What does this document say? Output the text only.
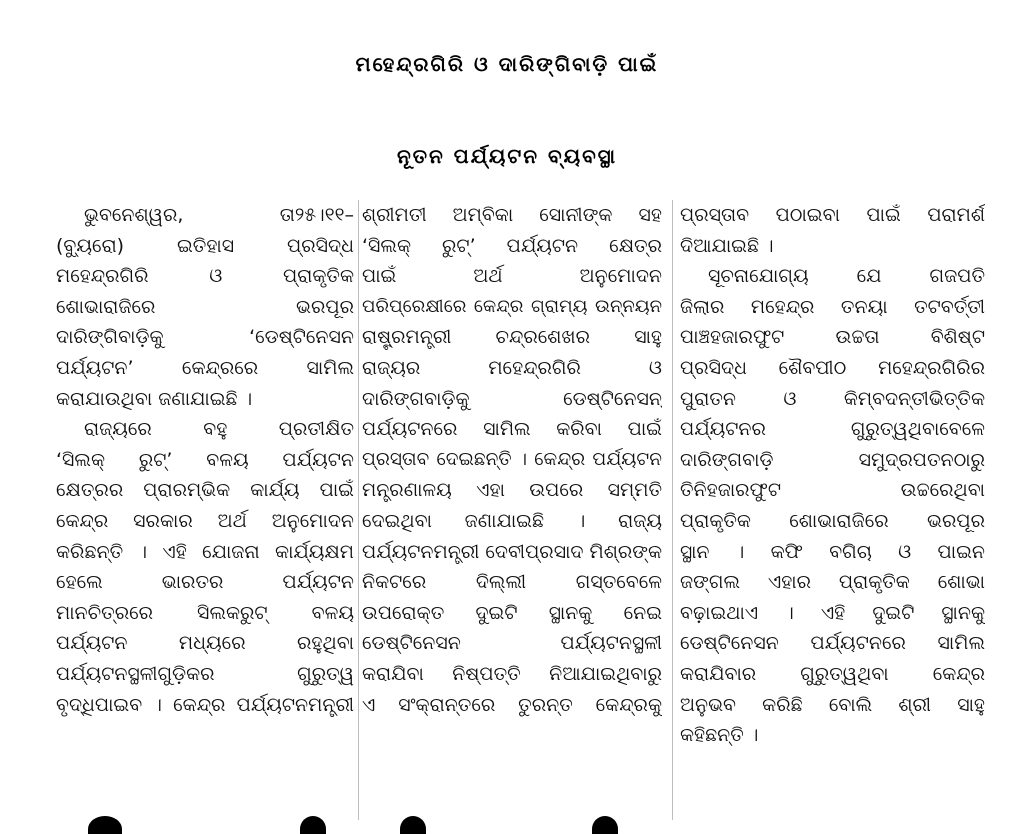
ମହେନ୍ଦ୍ରଗିରି ଓ ଦାରିଙ୍ଗିବାଡ଼ି ପାଇଁ
ନୂତନ ପର୍ଯ୍ୟଟନ ବ୍ୟବସ୍ଥା
ଭୁବନେଶ୍ୱର, ତା୨୫।୧୧–
(ବ୍ୟୁରୋ) ଇତିହାସ ପ୍ରସିଦ୍ଧ
ମହେନ୍ଦ୍ରଗିରି ଓ ପ୍ରାକୃତିକ
ଶୋଭାରାଜିରେ ଭରପୂର
ଦାରିଙ୍ଗିବାଡ଼ିକୁ ‘ଡେଷ୍ଟିନେସନ
ପର୍ଯ୍ୟଟନ’ କେନ୍ଦ୍ରରେ ସାମିଲ
କରାଯାଉଥିବା ଜଣାଯାଇଛି ।
ରାଜ୍ୟରେ ବହୁ ପ୍ରତୀକ୍ଷିତ
‘ସିଲକ୍ ରୁଟ୍’ ବଳୟ ପର୍ଯ୍ୟଟନ
କ୍ଷେତ୍ରର ପ୍ରାରମ୍ଭିକ କାର୍ଯ୍ୟ ପାଇଁ
କେନ୍ଦ୍ର ସରକାର ଅର୍ଥ ଅନୁମୋଦନ
କରିଛନ୍ତି । ଏହି ଯୋଜନା କାର୍ଯ୍ୟକ୍ଷମ
ହେଲେ ଭାରତର ପର୍ଯ୍ୟଟନ
ମାନଚିତ୍ରରେ ସିଲକରୁଟ୍ ବଳୟ
ପର୍ଯ୍ୟଟନ ମଧ୍ୟରେ ରହୁଥିବା
ପର୍ଯ୍ୟଟନସ୍ଥଳୀଗୁଡ଼ିକର ଗୁରୁତ୍ୱ
ବୃଦ୍ଧିପାଇବ । କେନ୍ଦ୍ର ପର୍ଯ୍ୟଟନମନ୍ତ୍ରୀ
ଶ୍ରୀମତୀ ଅମ୍ବିକା ସୋନୀଙ୍କ ସହ
‘ସିଲକ୍ ରୁଟ୍’ ପର୍ଯ୍ୟଟନ କ୍ଷେତ୍ର
ପାଇଁ ଅର୍ଥ ଅନୁମୋଦନ
ପରିପ୍ରେକ୍ଷୀରେ କେନ୍ଦ୍ର ଗ୍ରାମ୍ୟ ଉନ୍ନୟନ
ରାଷ୍ଟ୍ରମନ୍ତ୍ରୀ ଚନ୍ଦ୍ରଶେଖର ସାହୁ
ରାଜ୍ୟର ମହେନ୍ଦ୍ରଗିରି ଓ
ଦାରିଙ୍ଗବାଡ଼ିକୁ ଡେଷ୍ଟିନେସନ୍
ପର୍ଯ୍ୟଟନରେ ସାମିଲ କରିବା ପାଇଁ
ପ୍ରସ୍ତାବ ଦେଇଛନ୍ତି । କେନ୍ଦ୍ର ପର୍ଯ୍ୟଟନ
ମନ୍ତ୍ରଣାଳୟ ଏହା ଉପରେ ସମ୍ମତି
ଦେଇଥିବା ଜଣାଯାଇଛି । ରାଜ୍ୟ
ପର୍ଯ୍ୟଟନମନ୍ତ୍ରୀ ଦେବୀପ୍ରସାଦ ମିଶ୍ରଙ୍କ
ନିକଟରେ ଦିଲ୍ଲୀ ଗସ୍ତବେଳେ
ଉପରୋକ୍ତ ଦୁଇଟି ସ୍ଥାନକୁ ନେଇ
ଡେଷ୍ଟିନେସନ ପର୍ଯ୍ୟଟନସ୍ଥଳୀ
କରାଯିବା ନିଷ୍ପତ୍ତି ନିଆଯାଇଥିବାରୁ
ଏ ସଂକ୍ରାନ୍ତରେ ତୁରନ୍ତ କେନ୍ଦ୍ରକୁ
ପ୍ରସ୍ତାବ ପଠାଇବା ପାଇଁ ପରାମର୍ଶ
ଦିଆଯାଇଛି ।
ସୂଚନାଯୋଗ୍ୟ ଯେ ଗଜପତି
ଜିଲାର ମହେନ୍ଦ୍ର ତନୟା ତଟବର୍ତ୍ତୀ
ପାଞ୍ଚହଜାରଫୁଟ ଉଚ୍ଚତା ବିଶିଷ୍ଟ
ପ୍ରସିଦ୍ଧ ଶୈବପୀଠ ମହେନ୍ଦ୍ରଗିରିର
ପୁରାତନ ଓ କିମ୍ବଦନ୍ତୀଭିତ୍ତିକ
ପର୍ଯ୍ୟଟନର ଗୁରୁତ୍ୱଥିବାବେଳେ
ଦାରିଙ୍ଗବାଡ଼ି ସମୁଦ୍ରପତନଠାରୁ
ତିନିହଜାରଫୁଟ ଉଚ୍ଚରେଥିବା
ପ୍ରାକୃତିକ ଶୋଭାରାଜିରେ ଭରପୂର
ସ୍ଥାନ । କଫି ବଗିଚା ଓ ପାଇନ
ଜଙ୍ଗଲ ଏହାର ପ୍ରାକୃତିକ ଶୋଭା
ବଢ଼ାଇଥାଏ । ଏହି ଦୁଇଟି ସ୍ଥାନକୁ
ଡେଷ୍ଟିନେସନ ପର୍ଯ୍ୟଟନରେ ସାମିଲ
କରାଯିବାର ଗୁରୁତ୍ୱଥିବା କେନ୍ଦ୍ର
ଅନୁଭବ କରିଛି ବୋଲି ଶ୍ରୀ ସାହୁ
କହିଛନ୍ତି ।
